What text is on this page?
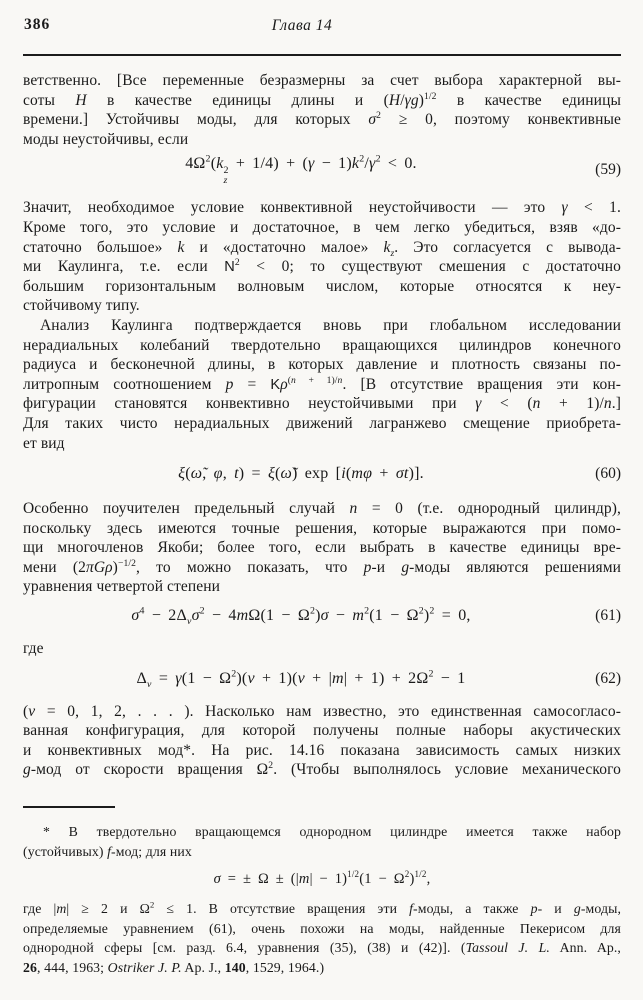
386	Глава 14
ветственно. [Все переменные безразмерны за счет выбора характерной вы-
соты H в качестве единицы длины и $(H/\gamma g)^{1/2}$ в качестве единицы
времени.] Устойчивы моды, для которых $\sigma^2 \ge 0$, поэтому конвективные
моды неустойчивы, если
$4\Omega^2(k$ 2
z
+ $1/4) + (\gamma - 1)k^2/\gamma^2 < 0$.	(59)
Значит, необходимое условие конвективной неустойчивости — это γ < 1.
Кроме того, это условие и достаточное, в чем легко убедиться, взяв «до-
статочно большое» k и «достаточно малое» $k_z$. Это согласуется с вывода-
ми Каулинга, т.е. если $N^2 < 0$; то существуют смешения с достаточно
большим горизонтальным волновым числом, которые относятся к неу-
стойчивому типу.
Анализ Каулинга подтверждается вновь при глобальном исследовании
нерадиальных колебаний твердотельно вращающихся цилиндров конечного
радиуса и бесконечной длины, в которых давление и плотность связаны по-
литропным соотношением $p = K\rho^{(n + 1)/n}$. [В отсутствие вращения эти кон-
фигурации становятся конвективно неустойчивыми при γ < (n + 1)/n.]
Для таких чисто нерадиальных движений лагранжево смещение приобрета-
ет вид
ξ(ω̃, φ, t) = ξ(ω̃) exp [i(mφ + σt)].	(60)
Особенно поучителен предельный случай n = 0 (т.е. однородный цилиндр),
поскольку здесь имеются точные решения, которые выражаются при помо-
щи многочленов Якоби; более того, если выбрать в качестве единицы вре-
мени $(2\pi G\rho)^{-1/2}$, то можно показать, что p-и g-моды являются решениями
уравнения четвертой степени
$\sigma^4 - 2\Delta_\nu\sigma^2 - 4m\Omega(1 - \Omega^2)\sigma - m^2(1 - \Omega^2)^2 = 0$,	(61)
где
$\Delta_\nu = \gamma(1 - \Omega^2)(\nu + 1)(\nu + |m| + 1) + 2\Omega^2 - 1$	(62)
(ν = 0, 1, 2, . . . ). Насколько нам известно, это единственная самосогласо-
ванная конфигурация, для которой получены полные наборы акустических
и конвективных мод*. На рис. 14.16 показана зависимость самых низких
g-мод от скорости вращения $\Omega^2$. (Чтобы выполнялось условие механического
* В твердотельно вращающемся однородном цилиндре имеется также набор
(устойчивых) f-мод; для них
σ = ± $\Omega \pm (|m| - 1)^{1/2}(1 - \Omega^2)^{1/2}$,
где |m| ≥ 2 и $\Omega^2 \le 1$. В отсутствие вращения эти f-моды, а также p- и g-моды,
определяемые уравнением (61), очень похожи на моды, найденные Пекерисом для
однородной сферы [см. разд. 6.4, уравнения (35), (38) и (42)]. (Tassoul J. L. Ann. Ap.,
26, 444, 1963; Ostriker J. P. Ap. J., 140, 1529, 1964.)
